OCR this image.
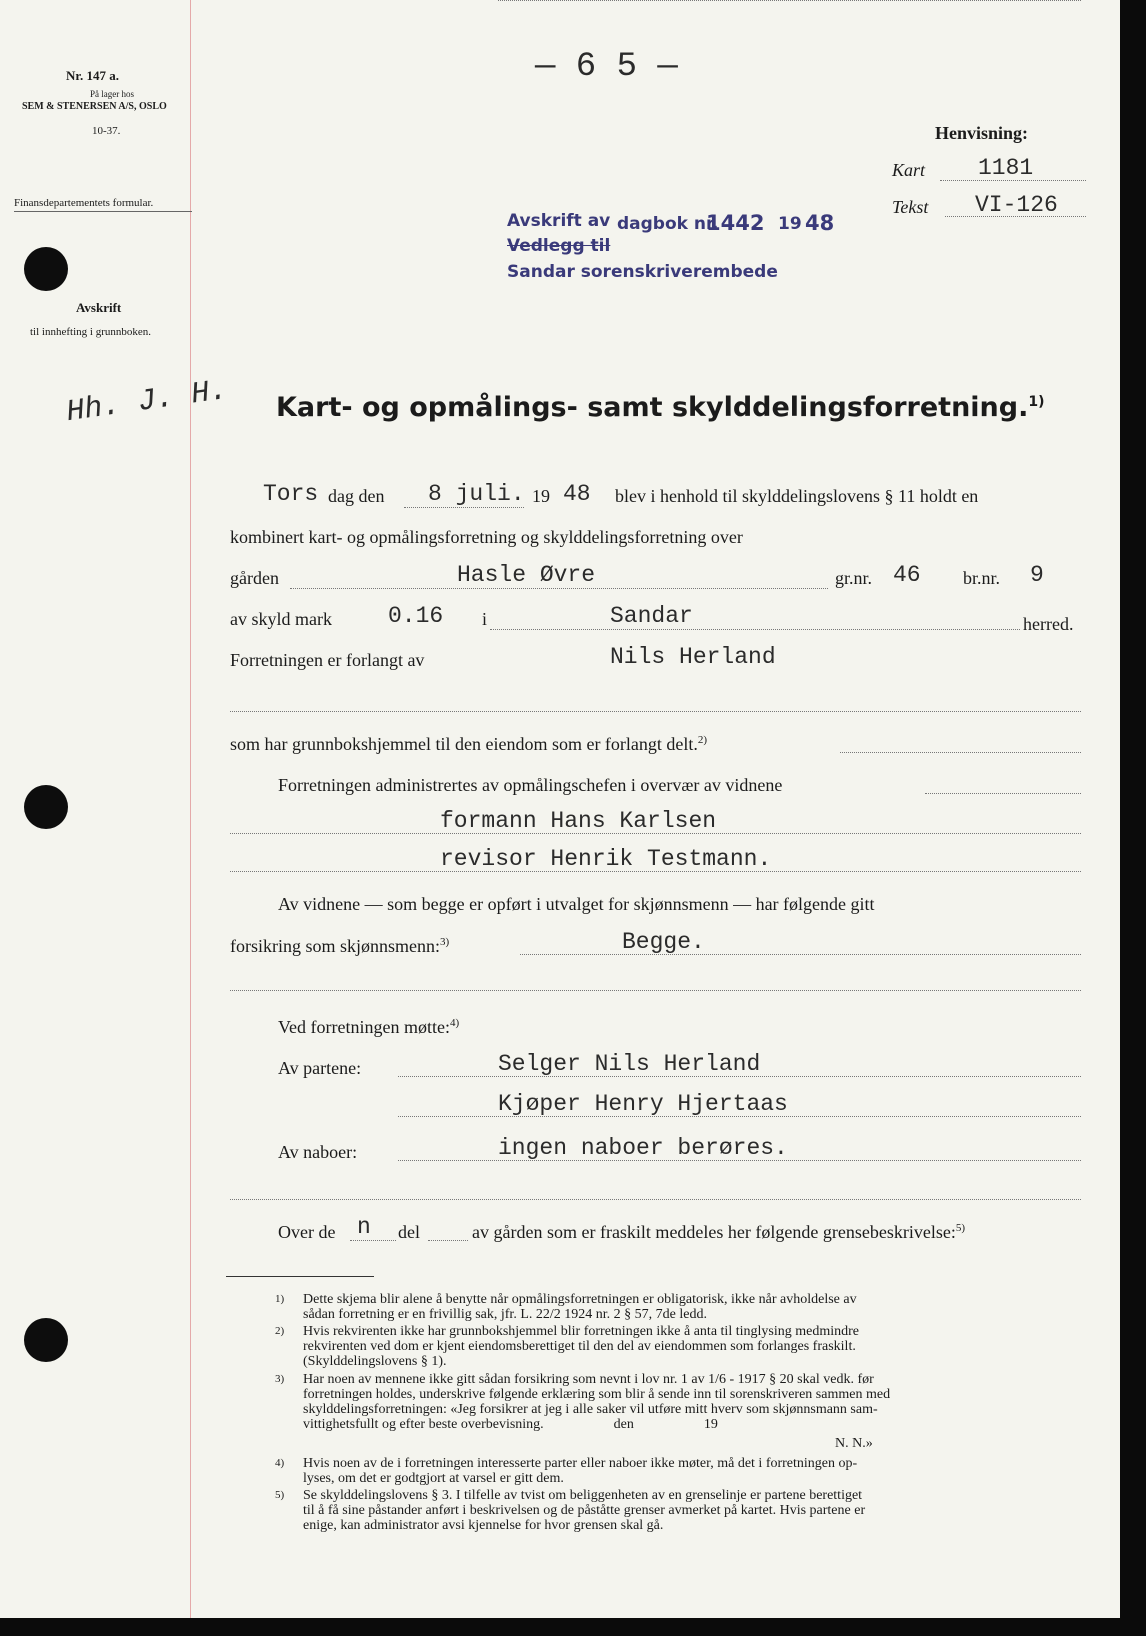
— 6 5 —
Nr. 147 a.
På lager hos
SEM & STENERSEN A/S, OSLO
10-37.
Finansdepartementets formular.
Avskrift
til innhefting i grunnboken.
Hh. J. H.
Henvisning:
Kart 1181
Tekst VI-126
Avskrift av dagbok nr.
1442 19 48
Vedlegg til
Sandar sorenskriverembede
Kart- og opmålings- samt skylddelingsforretning.$^{1)}$
Tors dag den 8 juli. 19 48 blev i henhold til skylddelingslovens § 11 holdt en
kombinert kart- og opmålingsforretning og skylddelingsforretning over
gården	Hasle Øvre	gr.nr. 46 br.nr. 9
av skyld mark 0.16 i	Sandar	herred.
Forretningen er forlangt av	Nils Herland
som har grunnbokshjemmel til den eiendom som er forlangt delt.$^{2)}$
Forretningen administrertes av opmålingschefen i overvær av vidnene
formann Hans Karlsen
revisor Henrik Testmann.
Av vidnene — som begge er opført i utvalget for skjønnsmenn — har følgende gitt
forsikring som skjønnsmenn:$^{3)}$	Begge.
Ved forretningen møtte:$^{4)}$
Av partene:	Selger Nils Herland
Kjøper Henry Hjertaas
Av naboer:	ingen naboer berøres.
Over de n del	av gården som er fraskilt meddeles her følgende grensebeskrivelse:$^{5)}$
1) Dette skjema blir alene å benytte når opmålingsforretningen er obligatorisk, ikke når avholdelse av
sådan forretning er en frivillig sak, jfr. L. 22/2 1924 nr. 2 § 57, 7de ledd.
2) Hvis rekvirenten ikke har grunnbokshjemmel blir forretningen ikke å anta til tinglysing medmindre
rekvirenten ved dom er kjent eiendomsberettiget til den del av eiendommen som forlanges fraskilt.
(Skylddelingslovens § 1).
3) Har noen av mennene ikke gitt sådan forsikring som nevnt i lov nr. 1 av 1/6 - 1917 § 20 skal vedk. før
forretningen holdes, underskrive følgende erklæring som blir å sende inn til sorenskriveren sammen med
skylddelingsforretningen: «Jeg forsikrer at jeg i alle saker vil utføre mitt hverv som skjønnsmann sam-
vittighetsfullt og efter beste overbevisning.                    den                    19
N. N.»
4) Hvis noen av de i forretningen interesserte parter eller naboer ikke møter, må det i forretningen op-
lyses, om det er godtgjort at varsel er gitt dem.
5) Se skylddelingslovens § 3. I tilfelle av tvist om beliggenheten av en grenselinje er partene berettiget
til å få sine påstander anført i beskrivelsen og de påståtte grenser avmerket på kartet. Hvis partene er
enige, kan administrator avsi kjennelse for hvor grensen skal gå.
